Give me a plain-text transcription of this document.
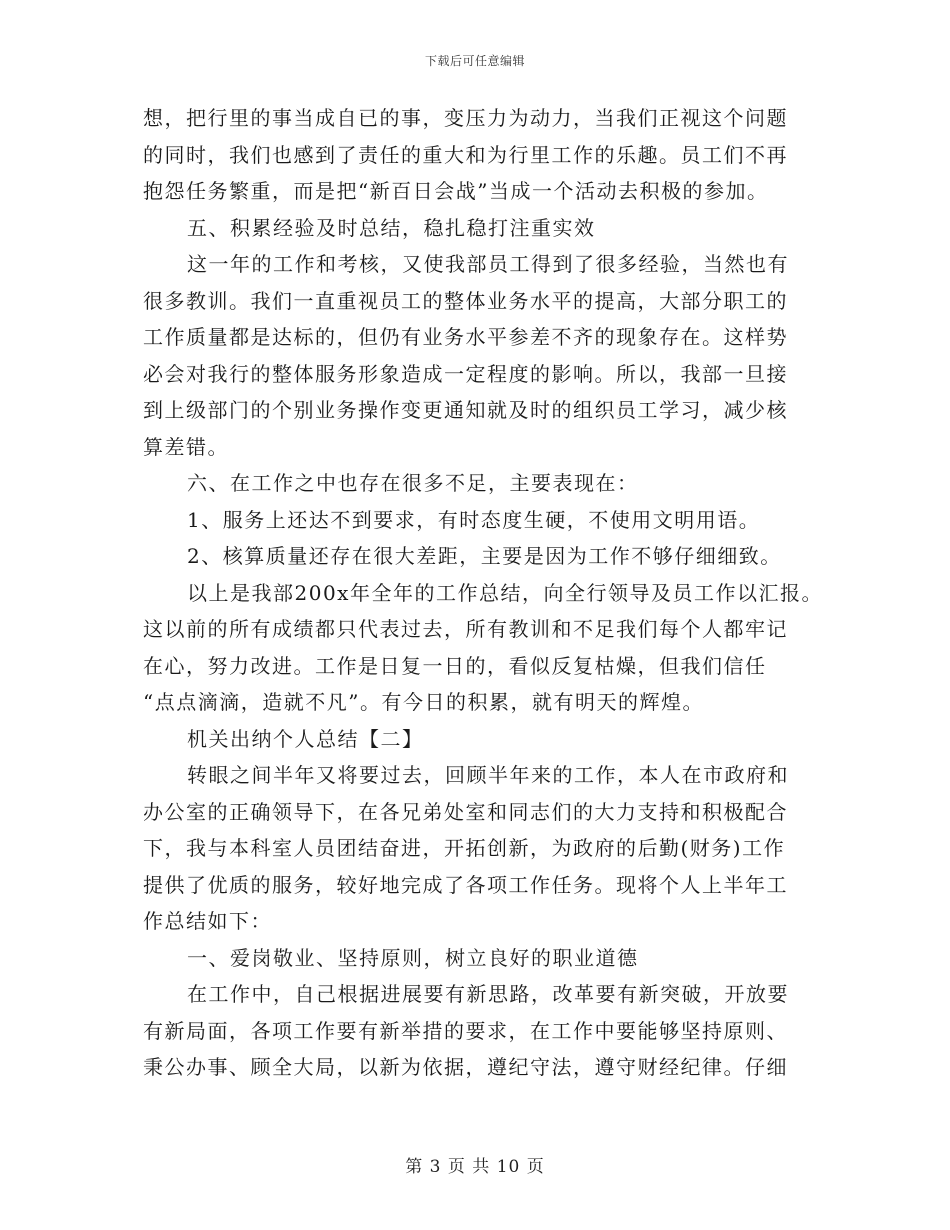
下载后可任意编辑
想，把行里的事当成自已的事，变压力为动力，当我们正视这个问题
的同时，我们也感到了责任的重大和为行里工作的乐趣。员工们不再
抱怨任务繁重，而是把“新百日会战”当成一个活动去积极的参加。
五、积累经验及时总结，稳扎稳打注重实效
这一年的工作和考核，又使我部员工得到了很多经验，当然也有
很多教训。我们一直重视员工的整体业务水平的提高，大部分职工的
工作质量都是达标的，但仍有业务水平参差不齐的现象存在。这样势
必会对我行的整体服务形象造成一定程度的影响。所以，我部一旦接
到上级部门的个别业务操作变更通知就及时的组织员工学习，减少核
算差错。
六、在工作之中也存在很多不足，主要表现在：
1、服务上还达不到要求，有时态度生硬，不使用文明用语。
2、核算质量还存在很大差距，主要是因为工作不够仔细细致。
以上是我部200x年全年的工作总结，向全行领导及员工作以汇报。
这以前的所有成绩都只代表过去，所有教训和不足我们每个人都牢记
在心，努力改进。工作是日复一日的，看似反复枯燥，但我们信任
“点点滴滴，造就不凡”。有今日的积累，就有明天的辉煌。
机关出纳个人总结【二】
转眼之间半年又将要过去，回顾半年来的工作，本人在市政府和
办公室的正确领导下，在各兄弟处室和同志们的大力支持和积极配合
下，我与本科室人员团结奋进，开拓创新，为政府的后勤(财务)工作
提供了优质的服务，较好地完成了各项工作任务。现将个人上半年工
作总结如下：
一、爱岗敬业、坚持原则，树立良好的职业道德
在工作中，自己根据进展要有新思路，改革要有新突破，开放要
有新局面，各项工作要有新举措的要求，在工作中要能够坚持原则、
秉公办事、顾全大局，以新为依据，遵纪守法，遵守财经纪律。仔细
第 3 页 共 10 页
